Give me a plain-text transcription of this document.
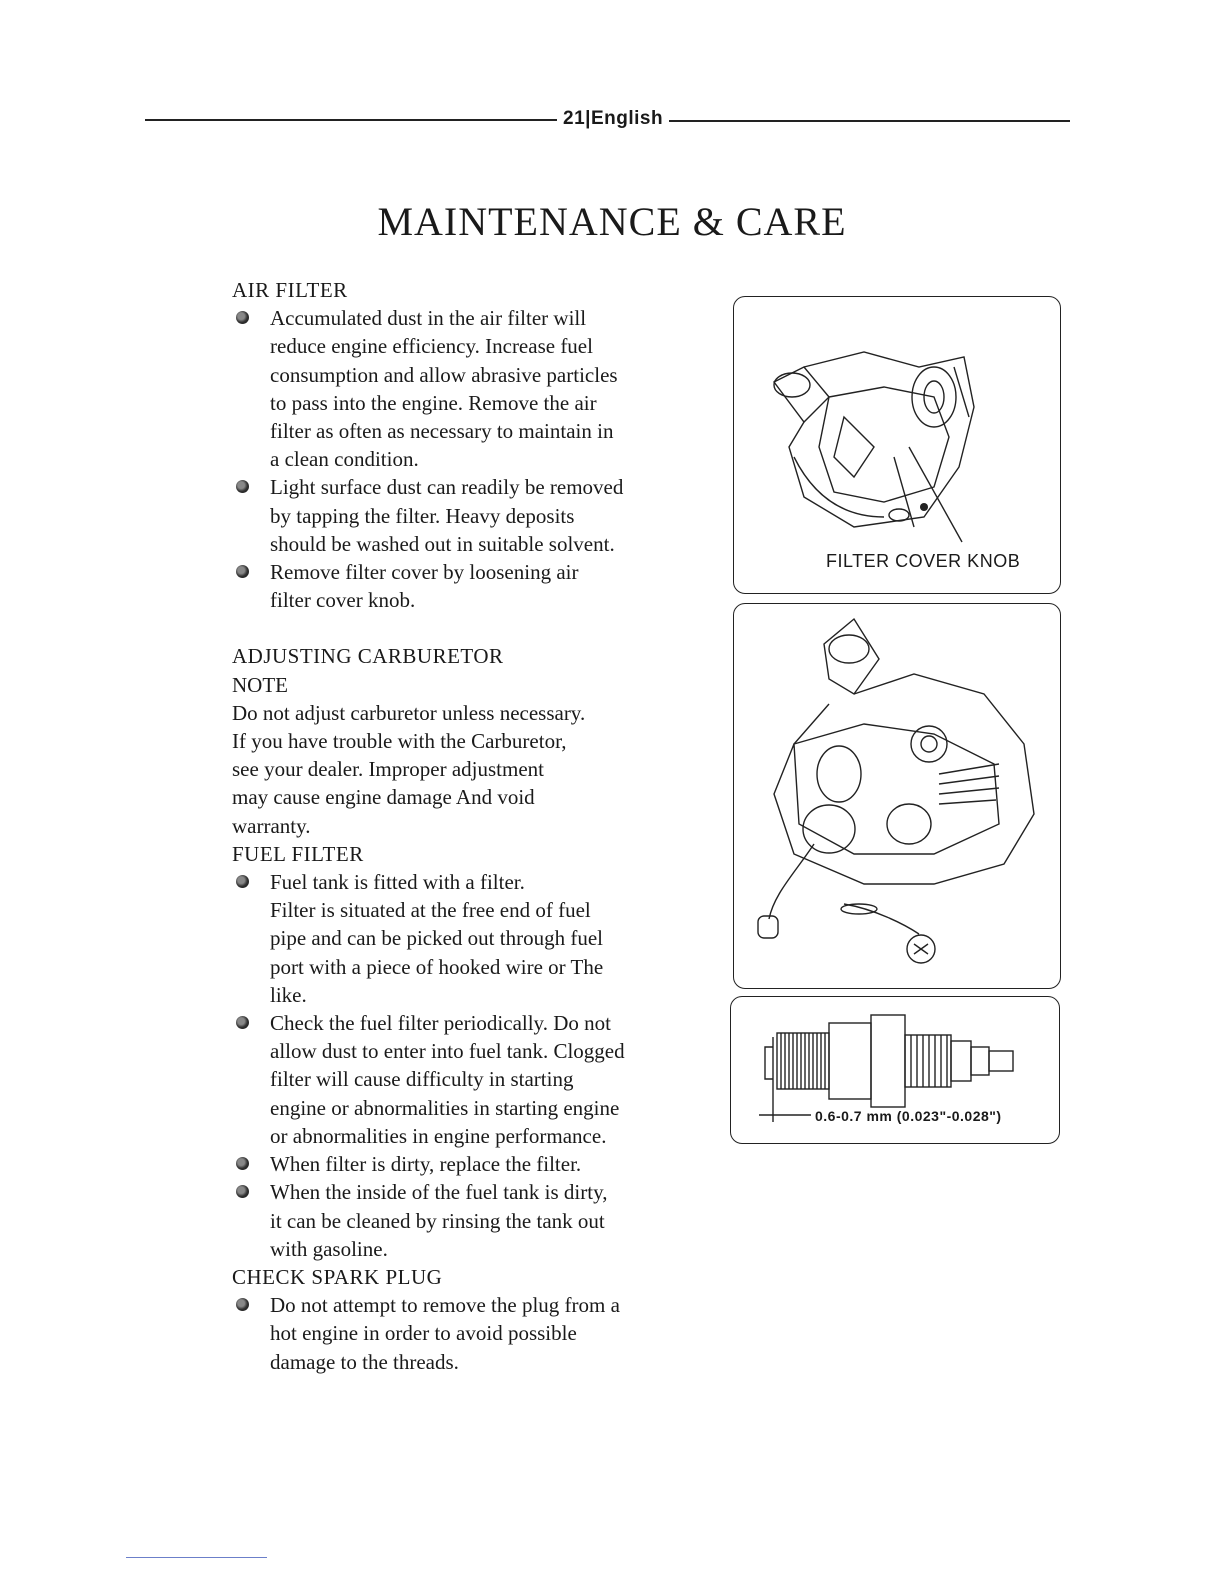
21|English
MAINTENANCE & CARE
AIR FILTER
Accumulated dust in the air filter will
reduce engine efficiency. Increase fuel
consumption and allow abrasive particles
to pass into the engine. Remove the air
filter as often as necessary to maintain in
a clean condition.
Light surface dust can readily be removed
by tapping the filter. Heavy deposits
should be washed out in suitable solvent.
Remove filter cover by loosening air
filter cover knob.
ADJUSTING CARBURETOR
NOTE
Do not adjust carburetor unless necessary.
If you have trouble with the Carburetor,
see your dealer. Improper adjustment
may cause engine damage And void
warranty.
FUEL FILTER
Fuel tank is fitted with a filter.
Filter is situated at the free end of fuel
pipe and can be picked out through fuel
port with a piece of hooked wire or The
like.
Check the fuel filter periodically. Do not
allow dust to enter into fuel tank. Clogged
filter will cause difficulty in starting
engine or abnormalities in starting engine
or abnormalities in engine performance.
When filter is dirty, replace the filter.
When the inside of the fuel tank is dirty,
it can be cleaned by rinsing the tank out
with gasoline.
CHECK SPARK PLUG
Do not attempt to remove the plug from a
hot engine in order to avoid possible
damage to the threads.
FILTER COVER KNOB
0.6-0.7 mm (0.023"-0.028")
